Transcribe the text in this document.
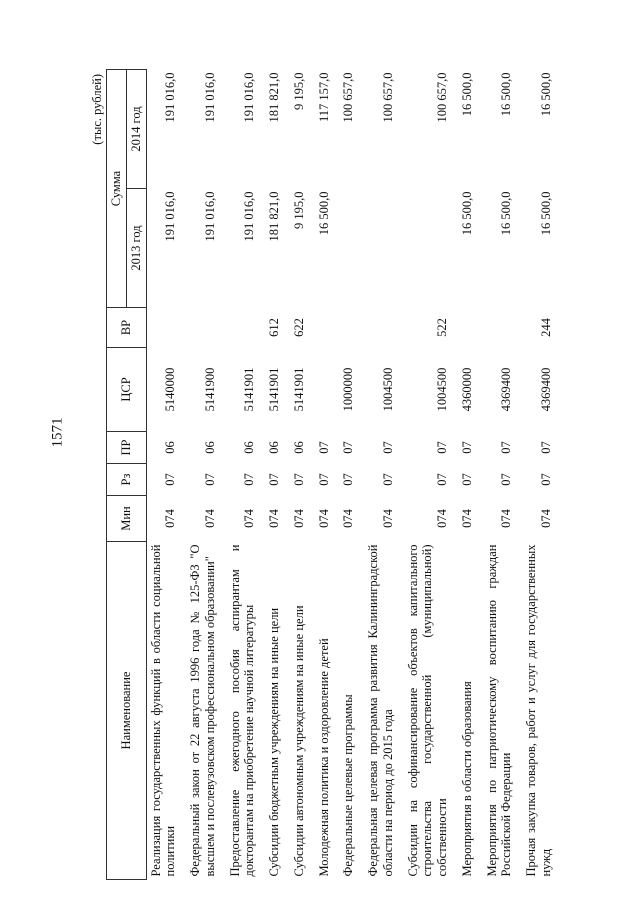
1571
(тыс. рублей)
Наименование	Мин	Рз	ПР	ЦСР	ВР	Сумма	
						2013 год	2014 год
Реализация государственных функций в области социальной политики	074	07	06	5140000		191 016,0	191 016,0
Федеральный закон от 22 августа 1996 года № 125-ФЗ "О высшем и послевузовском профессиональном образовании"	074	07	06	5141900		191 016,0	191 016,0
Предоставление ежегодного пособия аспирантам и докторантам на приобретение научной литературы	074	07	06	5141901		191 016,0	191 016,0
Субсидии бюджетным учреждениям на иные цели	074	07	06	5141901	612	181 821,0	181 821,0
Субсидии автономным учреждениям на иные цели	074	07	06	5141901	622	9 195,0	9 195,0
Молодежная политика и оздоровление детей	074	07	07			16 500,0	117 157,0
Федеральные целевые программы	074	07	07	1000000			100 657,0
Федеральная целевая программа развития Калининградской области на период до 2015 года	074	07	07	1004500			100 657,0
Субсидии на софинансирование объектов капитального строительства государственной (муниципальной) собственности	074	07	07	1004500	522		100 657,0
Мероприятия в области образования	074	07	07	4360000		16 500,0	16 500,0
Мероприятия по патриотическому воспитанию граждан Российской Федерации	074	07	07	4369400		16 500,0	16 500,0
Прочая закупка товаров, работ и услуг для государственных нужд	074	07	07	4369400	244	16 500,0	16 500,0
